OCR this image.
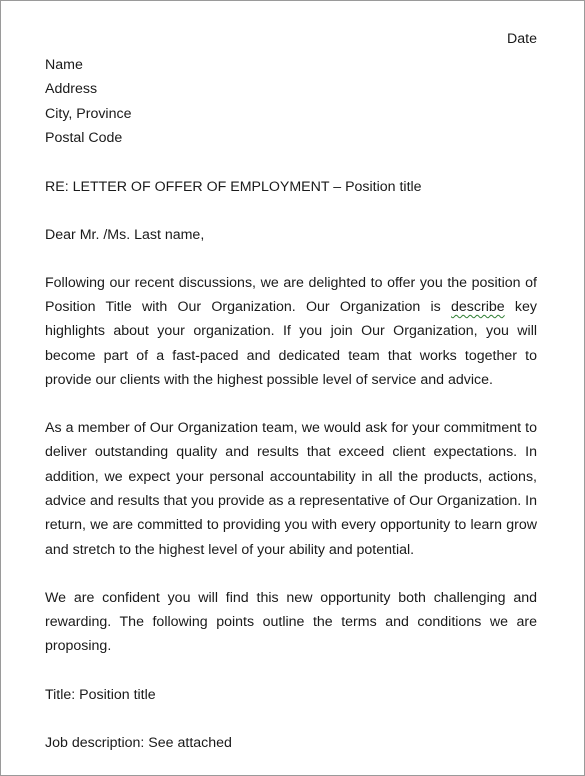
Date
Name
Address
City, Province
Postal Code
RE: LETTER OF OFFER OF EMPLOYMENT – Position title
Dear Mr. /Ms. Last name,

Following our recent discussions, we are delighted to offer you the position of Position Title with Our Organization. Our Organization is describe key highlights about your organization. If you join Our Organization, you will become part of a fast-paced and dedicated team that works together to provide our clients with the highest possible level of service and advice.

As a member of Our Organization team, we would ask for your commitment to deliver outstanding quality and results that exceed client expectations. In addition, we expect your personal accountability in all the products, actions, advice and results that you provide as a representative of Our Organization. In return, we are committed to providing you with every opportunity to learn grow and stretch to the highest level of your ability and potential.

We are confident you will find this new opportunity both challenging and rewarding. The following points outline the terms and conditions we are proposing.

Title: Position title
Job description: See attached
